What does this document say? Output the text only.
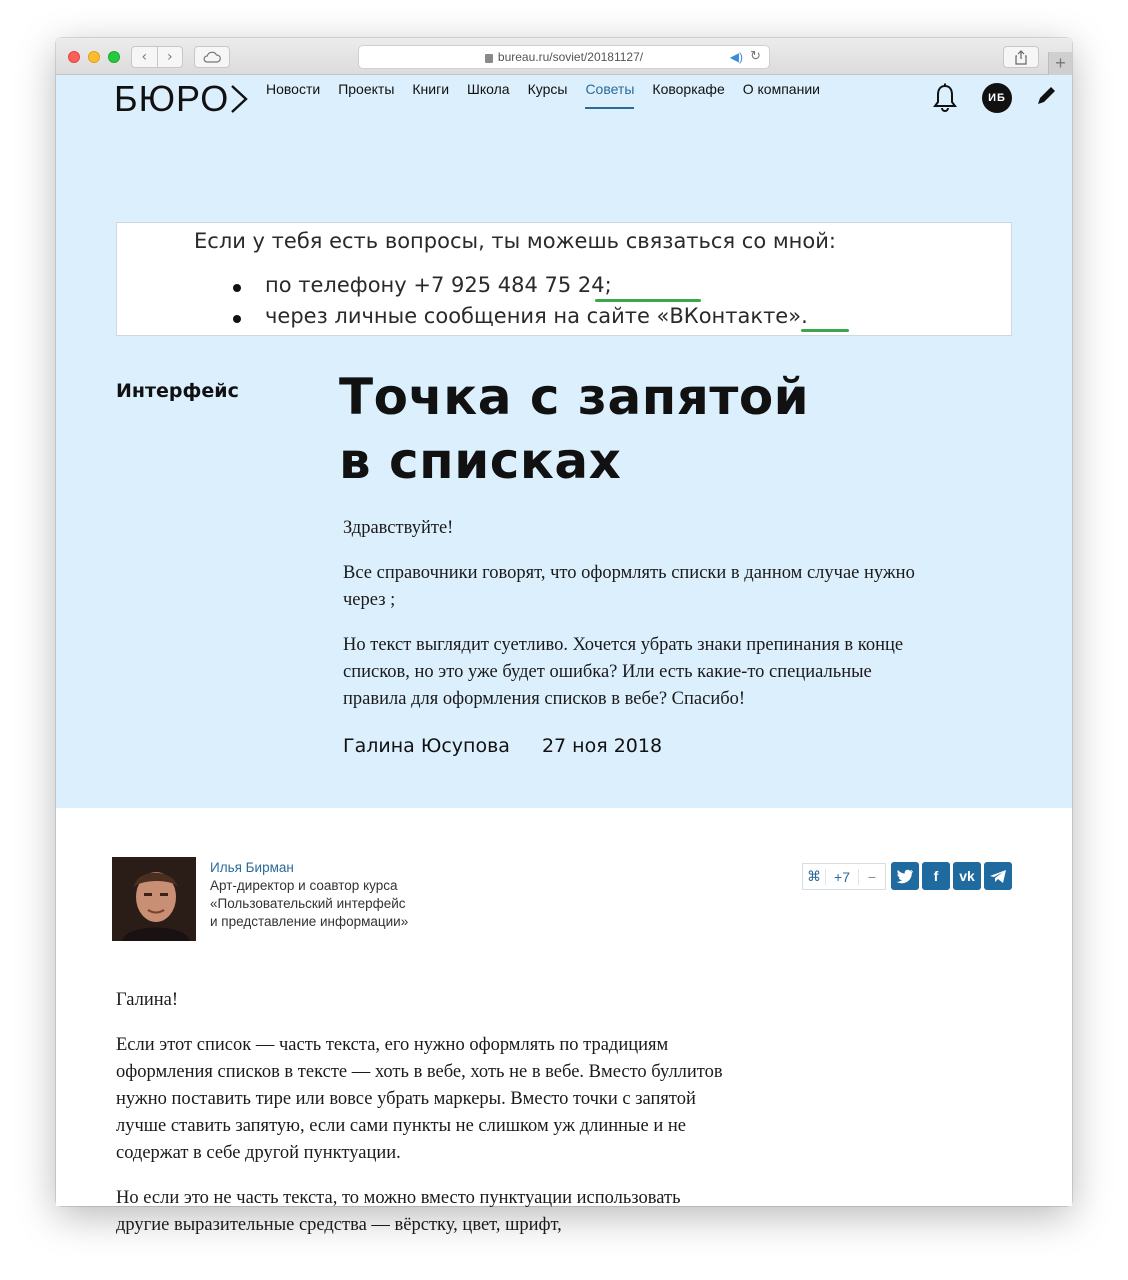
‹	›	bureau.ru/soviet/20181127/	◀) ↻	+
БЮРО	Новости Проекты Книги Школа Курсы Советы Коворкафе О компании
ИБ
Если у тебя есть вопросы, ты можешь связаться со мной:
по телефону +7 925 484 75 24;
через личные сообщения на сайте «ВКонтакте».
Интерфейс Точка с запятой
в списках

Здравствуйте!

Все справочники говорят, что оформлять списки в данном случае нужно через ;

Но текст выглядит суетливо. Хочется убрать знаки препинания в конце списков, но это уже будет ошибка? Или есть какие-то специальные правила для оформления списков в вебе? Спасибо!

Галина Юсупова 27 ноя 2018
Илья Бирман
Арт-директор и соавтор курса
«Пользовательский интерфейс
и представление информации»
⌘ +7	−	f	vk

Галина!

Если этот список — часть текста, его нужно оформлять по традициям оформления списков в тексте — хоть в вебе, хоть не в вебе. Вместо буллитов нужно поставить тире или вовсе убрать маркеры. Вместо точки с запятой лучше ставить запятую, если сами пункты не слишком уж длинные и не содержат в себе другой пунктуации.

Но если это не часть текста, то можно вместо пунктуации использовать другие выразительные средства — вёрстку, цвет, шрифт,
